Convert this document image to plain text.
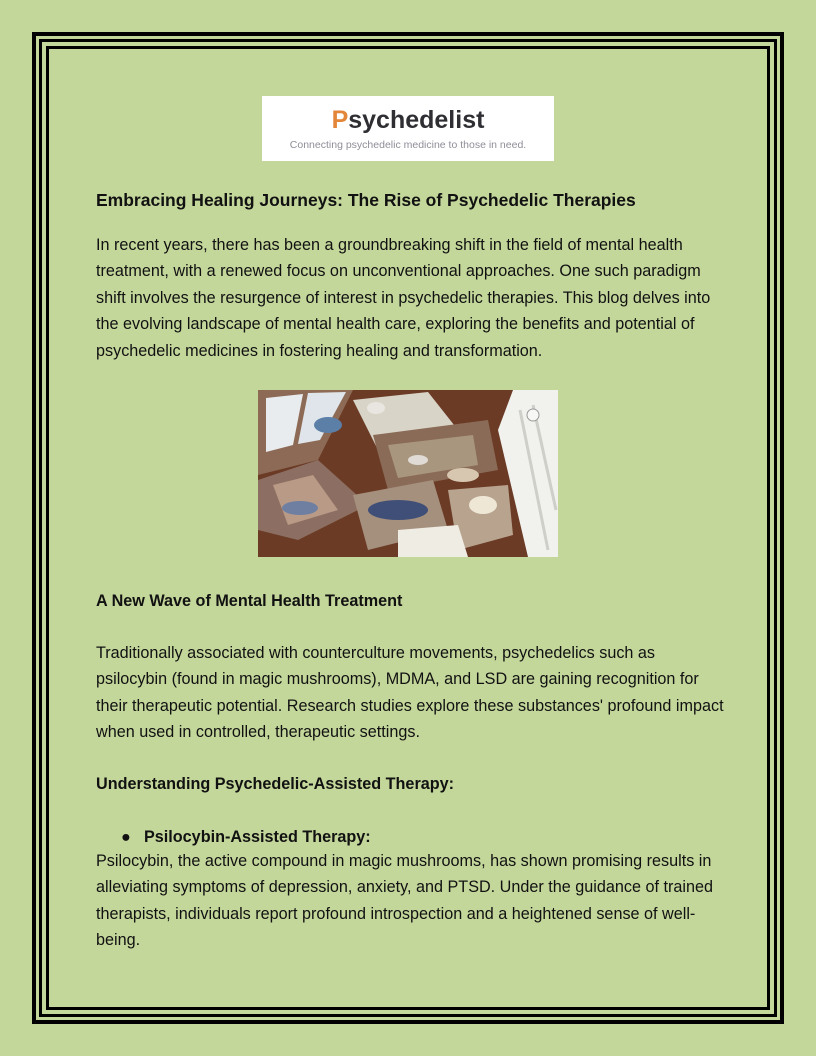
Psychedelist
Connecting psychedelic medicine to those in need.
Embracing Healing Journeys: The Rise of Psychedelic Therapies

In recent years, there has been a groundbreaking shift in the field of mental health treatment, with a renewed focus on unconventional approaches. One such paradigm shift involves the resurgence of interest in psychedelic therapies. This blog delves into the evolving landscape of mental health care, exploring the benefits and potential of psychedelic medicines in fostering healing and transformation.

A New Wave of Mental Health Treatment

Traditionally associated with counterculture movements, psychedelics such as psilocybin (found in magic mushrooms), MDMA, and LSD are gaining recognition for their therapeutic potential. Research studies explore these substances' profound impact when used in controlled, therapeutic settings.

Understanding Psychedelic-Assisted Therapy:
● Psilocybin-Assisted Therapy:

Psilocybin, the active compound in magic mushrooms, has shown promising results in alleviating symptoms of depression, anxiety, and PTSD. Under the guidance of trained therapists, individuals report profound introspection and a heightened sense of well-being.
